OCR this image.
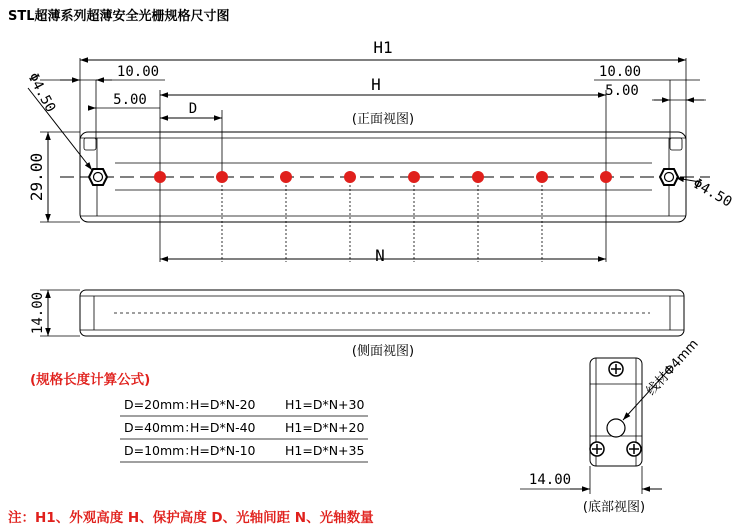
STL超薄系列超薄安全光栅规格尺寸图
H1
10.00
5.00
H
D
10.00
5.00
(正面视图)
Φ4.50
Φ4.50
29.00
N
14.00
(侧面视图)
(规格长度计算公式)
D=20mm：
H=D*N-20 H1=D*N+30
D=40mm：
H=D*N-40 H1=D*N+20
D=10mm：
H=D*N-10 H1=D*N+35
线材Φ4mm
14.00
(底部视图)
注：H1、外观高度 H、保护高度 D、光轴间距 N、光轴数量
